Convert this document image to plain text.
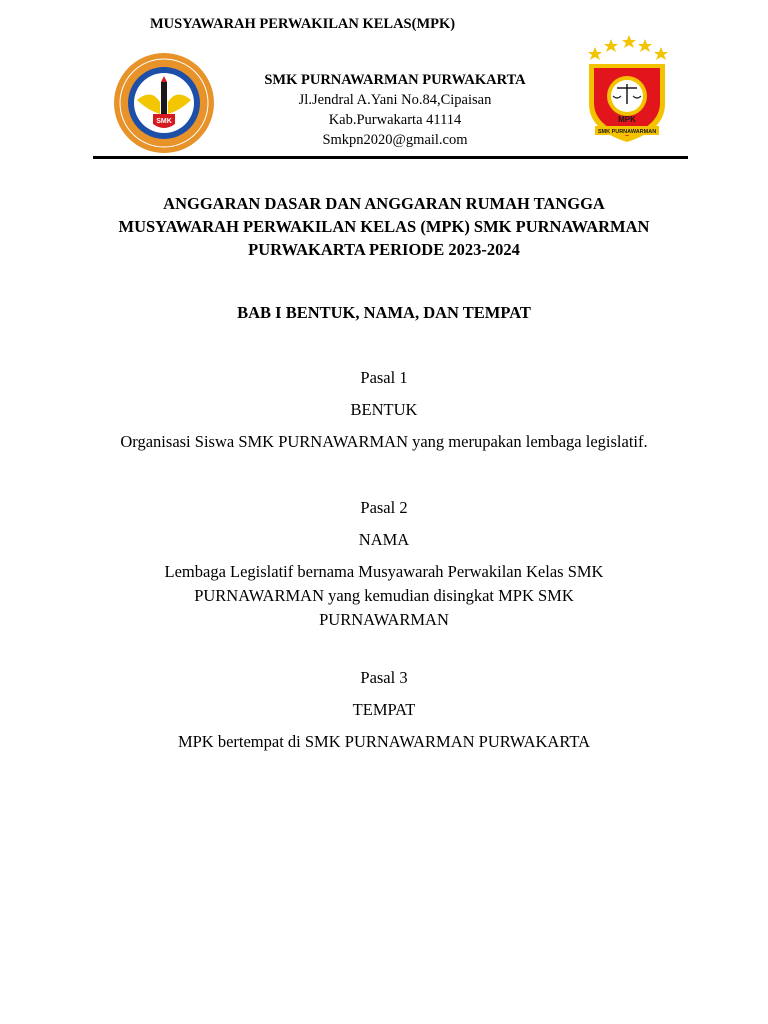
MUSYAWARAH PERWAKILAN KELAS(MPK)
SMK
SMK PURNAWARMAN PURWAKARTA
Jl.Jendral A.Yani No.84,Cipaisan
Kab.Purwakarta 41114
Smkpn2020@gmail.com
MPK
SMK PURNAWARMAN
ANGGARAN DASAR DAN ANGGARAN RUMAH TANGGA
MUSYAWARAH PERWAKILAN KELAS (MPK) SMK PURNAWARMAN
PURWAKARTA PERIODE 2023-2024
BAB I BENTUK, NAMA, DAN TEMPAT
Pasal 1
BENTUK
Organisasi Siswa SMK PURNAWARMAN yang merupakan lembaga legislatif.
Pasal 2
NAMA
Lembaga Legislatif bernama Musyawarah Perwakilan Kelas SMK
PURNAWARMAN yang kemudian disingkat MPK SMK
PURNAWARMAN
Pasal 3
TEMPAT
MPK bertempat di SMK PURNAWARMAN PURWAKARTA
